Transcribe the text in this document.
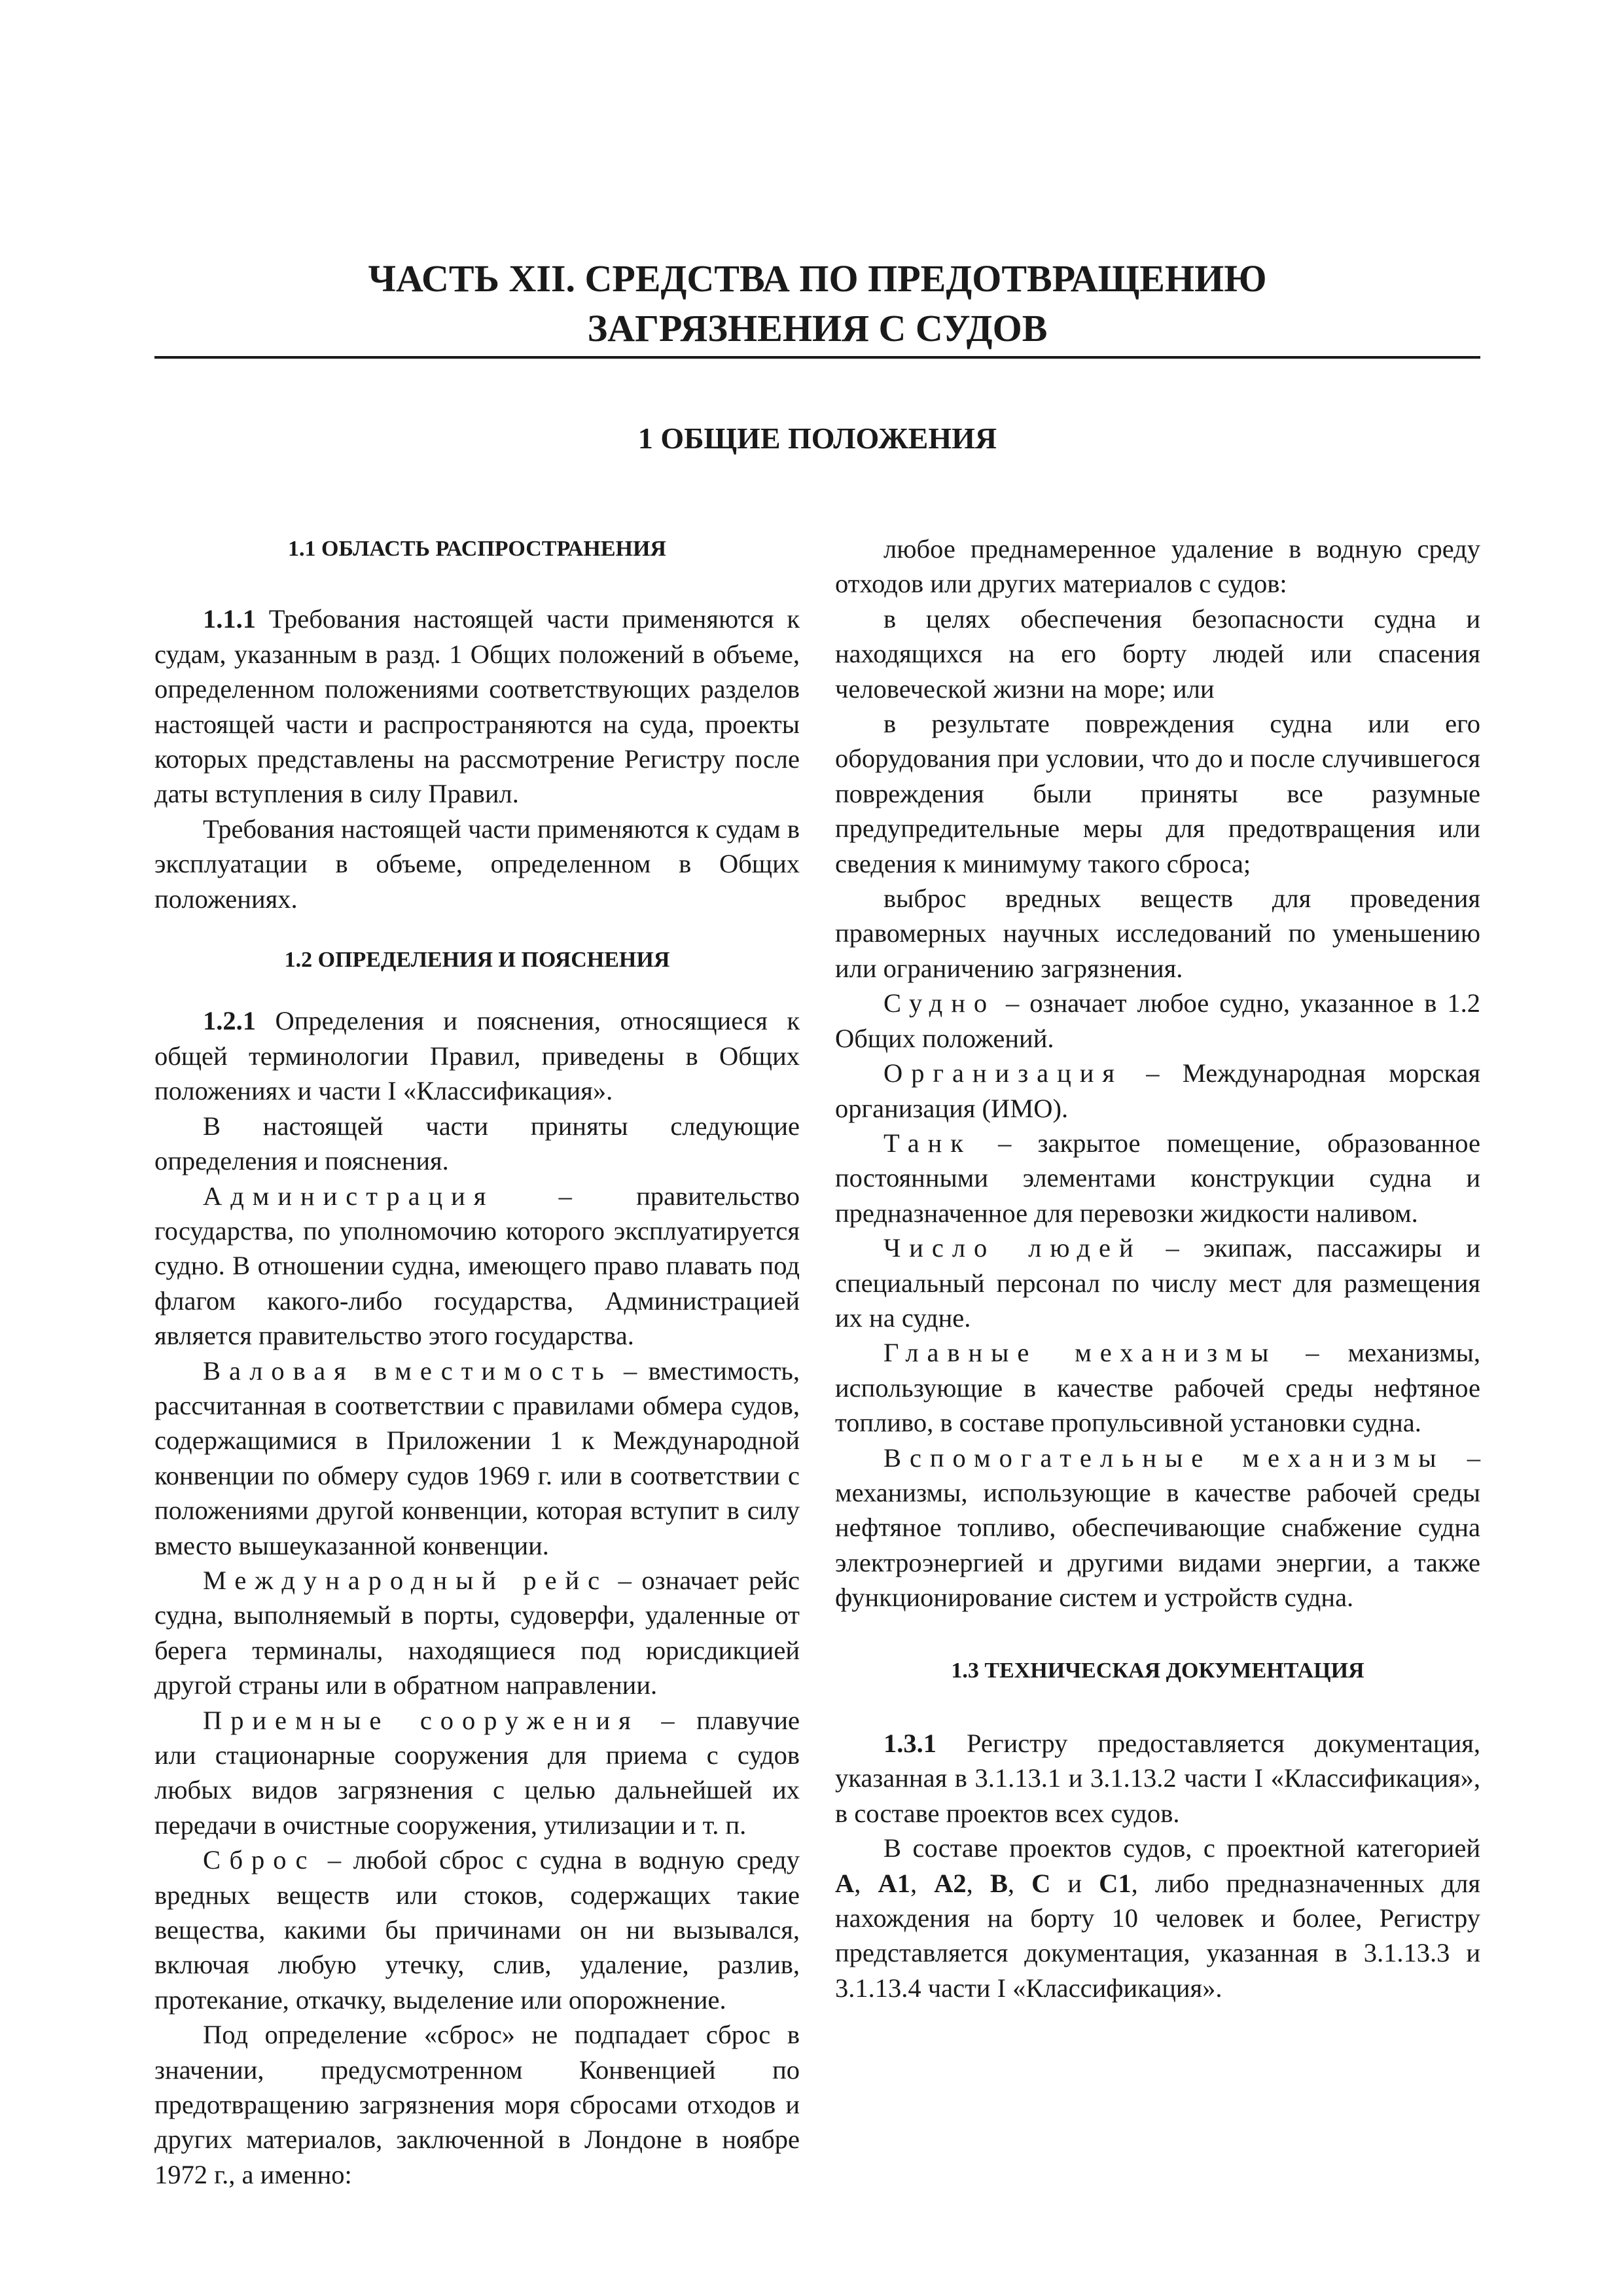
ЧАСТЬ XII. СРЕДСТВА ПО ПРЕДОТВРАЩЕНИЮ
ЗАГРЯЗНЕНИЯ С СУДОВ
1 ОБЩИЕ ПОЛОЖЕНИЯ
1.1 ОБЛАСТЬ РАСПРОСТРАНЕНИЯ

1.1.1 Требования настоящей части применяются к судам, указанным в разд. 1 Общих положений в объеме, определенном положениями соответствующих разделов настоящей части и распространяются на суда, проекты которых представлены на рассмотрение Регистру после даты вступления в силу Правил.

Требования настоящей части применяются к судам в эксплуатации в объеме, определенном в Общих положениях.

1.2 ОПРЕДЕЛЕНИЯ И ПОЯСНЕНИЯ

1.2.1 Определения и пояснения, относящиеся к общей терминологии Правил, приведены в Общих положениях и части I «Классификация».

В настоящей части приняты следующие определения и пояснения.

Администрация – правительство государства, по уполномочию которого эксплуатируется судно. В отношении судна, имеющего право плавать под флагом какого-либо государства, Администрацией является правительство этого государства.

Валовая вместимость – вместимость, рассчитанная в соответствии с правилами обмера судов, содержащимися в Приложении 1 к Международной конвенции по обмеру судов 1969 г. или в соответствии с положениями другой конвенции, которая вступит в силу вместо вышеуказанной конвенции.

Международный рейс – означает рейс судна, выполняемый в порты, судоверфи, удаленные от берега терминалы, находящиеся под юрисдикцией другой страны или в обратном направлении.

Приемные сооружения – плавучие или стационарные сооружения для приема с судов любых видов загрязнения с целью дальнейшей их передачи в очистные сооружения, утилизации и т. п.

Сброс – любой сброс с судна в водную среду вредных веществ или стоков, содержащих такие вещества, какими бы причинами он ни вызывался, включая любую утечку, слив, удаление, разлив, протекание, откачку, выделение или опорожнение.

Под определение «сброс» не подпадает сброс в значении, предусмотренном Конвенцией по предотвращению загрязнения моря сбросами отходов и других материалов, заключенной в Лондоне в ноябре 1972 г., а именно:

любое преднамеренное удаление в водную среду отходов или других материалов с судов:

в целях обеспечения безопасности судна и находящихся на его борту людей или спасения человеческой жизни на море; или

в результате повреждения судна или его оборудования при условии, что до и после случившегося повреждения были приняты все разумные предупредительные меры для предотвращения или сведения к минимуму такого сброса;

выброс вредных веществ для проведения правомерных научных исследований по уменьшению или ограничению загрязнения.

Судно – означает любое судно, указанное в 1.2 Общих положений.

Организация – Международная морская организация (ИМО).

Танк – закрытое помещение, образованное постоянными элементами конструкции судна и предназначенное для перевозки жидкости наливом.

Число людей – экипаж, пассажиры и специальный персонал по числу мест для размещения их на судне.

Главные механизмы – механизмы, использующие в качестве рабочей среды нефтяное топливо, в составе пропульсивной установки судна.

Вспомогательные механизмы – механизмы, использующие в качестве рабочей среды нефтяное топливо, обеспечивающие снабжение судна электроэнергией и другими видами энергии, а также функционирование систем и устройств судна.

1.3 ТЕХНИЧЕСКАЯ ДОКУМЕНТАЦИЯ

1.3.1 Регистру предоставляется документация, указанная в 3.1.13.1 и 3.1.13.2 части I «Классификация», в составе проектов всех судов.

В составе проектов судов, с проектной категорией A, A1, A2, B, C и C1, либо предназначенных для нахождения на борту 10 человек и более, Регистру представляется документация, указанная в 3.1.13.3 и 3.1.13.4 части I «Классификация».
